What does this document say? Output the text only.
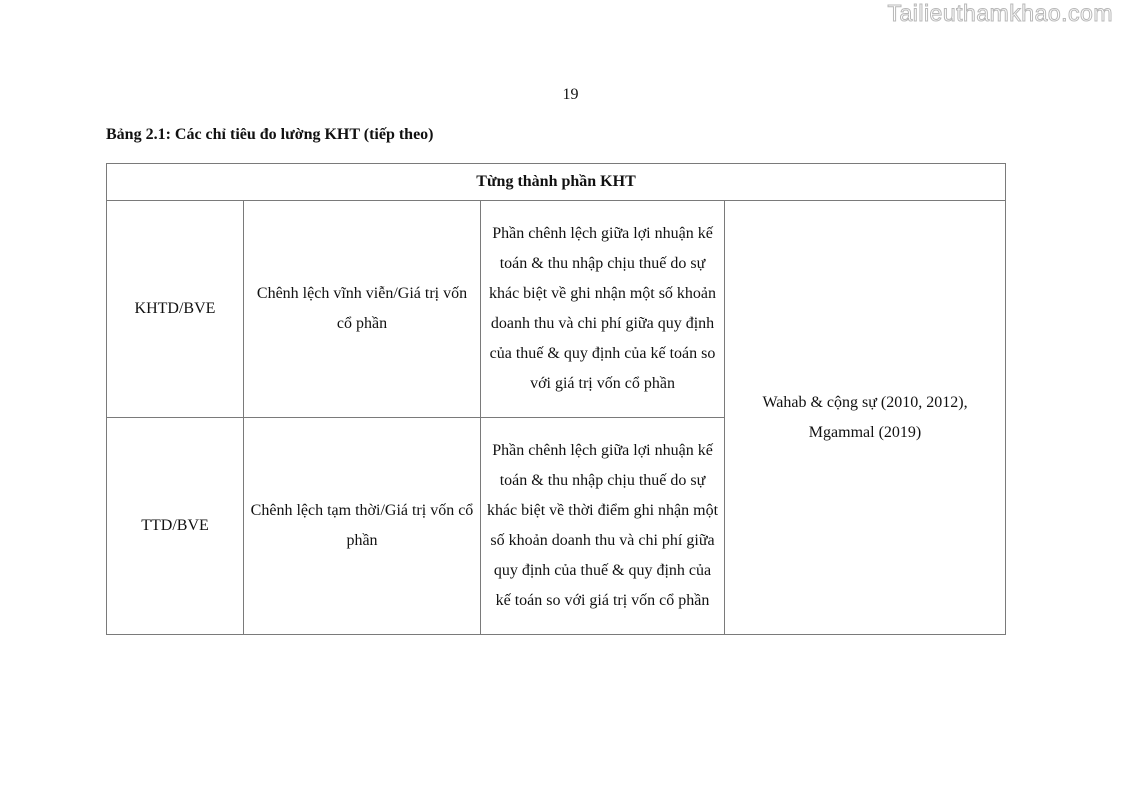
Tailieuthamkhao.com
19
Bảng 2.1: Các chỉ tiêu đo lường KHT (tiếp theo)
Từng thành phần KHT			
KHTD/BVE	Chênh lệch vĩnh viễn/Giá trị vốn cổ phần	Phần chênh lệch giữa lợi nhuận kế toán & thu nhập chịu thuế do sự khác biệt về ghi nhận một số khoản doanh thu và chi phí giữa quy định của thuế & quy định của kế toán so với giá trị vốn cổ phần	Wahab & cộng sự (2010, 2012), Mgammal (2019)
TTD/BVE	Chênh lệch tạm thời/Giá trị vốn cổ phần	Phần chênh lệch giữa lợi nhuận kế toán & thu nhập chịu thuế do sự khác biệt về thời điểm ghi nhận một số khoản doanh thu và chi phí giữa quy định của thuế & quy định của kế toán so với giá trị vốn cổ phần	
